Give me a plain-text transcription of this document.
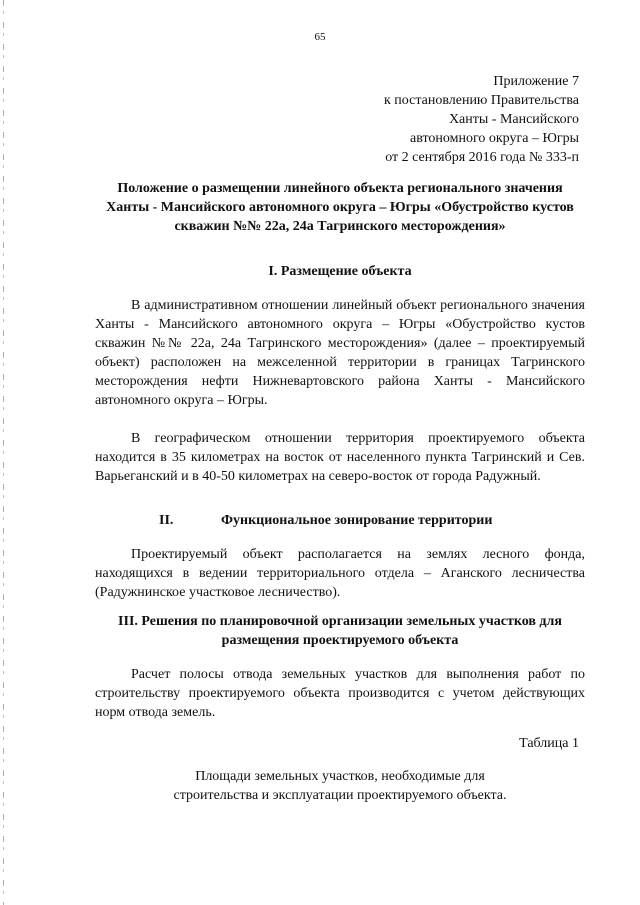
65
Приложение 7
к постановлению Правительства
Ханты - Мансийского
автономного округа – Югры
от 2 сентября 2016 года № 333-п
Положение о размещении линейного объекта регионального значения Ханты - Мансийского автономного округа – Югры «Обустройство кустов скважин №№ 22а, 24а Тагринского месторождения»
I. Размещение объекта

В административном отношении линейный объект регионального значения Ханты - Мансийского автономного округа – Югры «Обустройство кустов скважин №№ 22а, 24а Тагринского месторождения» (далее – проектируемый объект) расположен на межселенной территории в границах Тагринского месторождения нефти Нижневартовского района Ханты - Мансийского автономного округа – Югры.

В географическом отношении территория проектируемого объекта находится в 35 километрах на восток от населенного пункта Тагринский и Сев. Варьеганский и в 40-50 километрах на северо-восток от города Радужный.

II.	Функциональное зонирование территории

Проектируемый объект располагается на землях лесного фонда, находящихся в ведении территориального отдела – Аганского лесничества (Радужнинское участковое лесничество).

III. Решения по планировочной организации земельных участков для размещения проектируемого объекта

Расчет полосы отвода земельных участков для выполнения работ по строительству проектируемого объекта производится с учетом действующих норм отвода земель.

Таблица 1
Площади земельных участков, необходимые для
строительства и эксплуатации проектируемого объекта.
